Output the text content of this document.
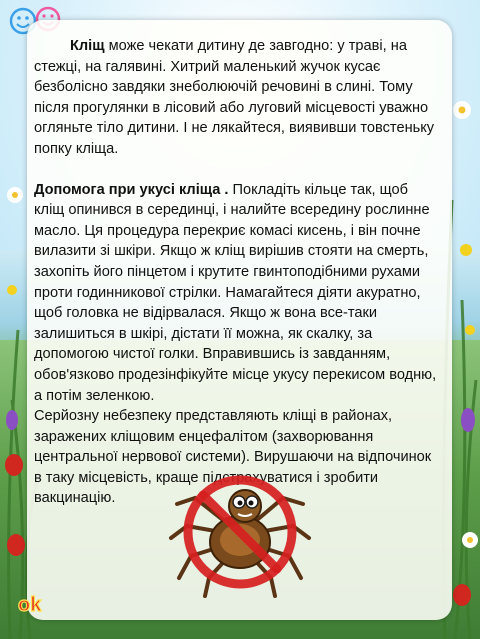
Кліщ може чекати дитину де завгодно: у траві, на стежці, на галявині. Хитрий маленький жучок кусає безболісно завдяки знеболюючій речовині в слині. Тому після прогулянки в лісовий або луговий місцевості уважно огляньте тіло дитини. І не лякайтеся, виявивши товстеньку попку кліща.

Допомога при укусі кліща . Покладіть кільце так, щоб кліщ опинився в серединці, і налийте всередину рослинне масло. Ця процедура перекриє комасі кисень, і він почне вилазити зі шкіри. Якщо ж кліщ вирішив стояти на смерть, захопіть його пінцетом і крутите гвинтоподібними рухами проти годинникової стрілки. Намагайтеся діяти акуратно, щоб головка не відірвалася. Якщо ж вона все-таки залишиться в шкірі, дістати її можна, як скалку, за допомогою чистої голки. Вправившись із завданням, обов'язково продезінфікуйте місце укусу перекисом водню, а потім зеленкою.

Серйозну небезпеку представляють кліщі в районах, заражених кліщовим енцефалітом (захворювання центральної нервової системи). Вирушаючи на відпочинок в таку місцевість, краще підстрахуватися і зробити вакцинацію.

ok
